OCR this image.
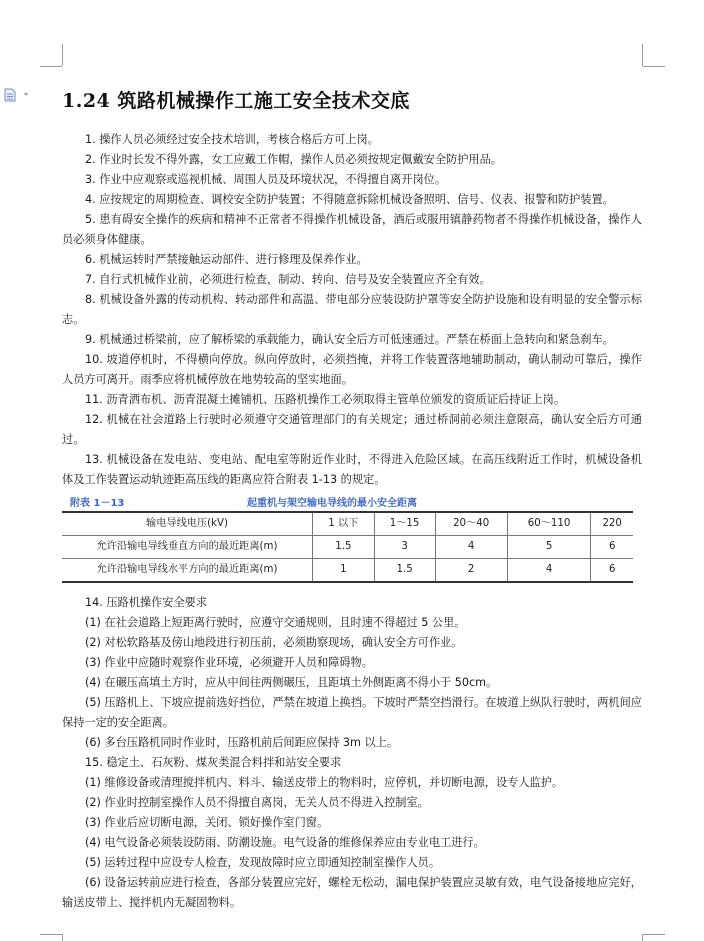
1.24 筑路机械操作工施工安全技术交底

1. 操作人员必须经过安全技术培训，考核合格后方可上岗。

2. 作业时长发不得外露，女工应戴工作帽，操作人员必须按规定佩戴安全防护用品。

3. 作业中应观察或巡视机械、周围人员及环境状况，不得擅自离开岗位。

4. 应按规定的周期检查、调校安全防护装置；不得随意拆除机械设备照明、信号、仪表、报警和防护装置。

5. 患有碍安全操作的疾病和精神不正常者不得操作机械设备，酒后或服用镇静药物者不得操作机械设备，操作人员必须身体健康。

6. 机械运转时严禁接触运动部件、进行修理及保养作业。

7. 自行式机械作业前，必须进行检查，制动、转向、信号及安全装置应齐全有效。

8. 机械设备外露的传动机构、转动部件和高温、带电部分应装设防护罩等安全防护设施和设有明显的安全警示标志。

9. 机械通过桥梁前，应了解桥梁的承载能力，确认安全后方可低速通过。严禁在桥面上急转向和紧急刹车。

10. 坡道停机时，不得横向停放。纵向停放时，必须挡掩，并将工作装置落地辅助制动，确认制动可靠后，操作人员方可离开。雨季应将机械停放在地势较高的坚实地面。

11. 沥青洒布机、沥青混凝土摊铺机、压路机操作工必须取得主管单位颁发的资质证后持证上岗。

12. 机械在社会道路上行驶时必须遵守交通管理部门的有关规定；通过桥洞前必须注意限高，确认安全后方可通过。

13. 机械设备在发电站、变电站、配电室等附近作业时，不得进入危险区域。在高压线附近工作时，机械设备机体及工作装置运动轨迹距高压线的距离应符合附表 1-13 的规定。

附表 1－13	起重机与架空输电导线的最小安全距离
输电导线电压(kV)	1 以下	1～15	20～40	60～110	220
允许沿输电导线垂直方向的最近距离(m)	1.5	3	4	5	6
允许沿输电导线水平方向的最近距离(m)	1	1.5	2	4	6

14. 压路机操作安全要求

(1) 在社会道路上短距离行驶时，应遵守交通规则，且时速不得超过 5 公里。

(2) 对松软路基及傍山地段进行初压前，必须勘察现场，确认安全方可作业。

(3) 作业中应随时观察作业环境，必须避开人员和障碍物。

(4) 在碾压高填土方时，应从中间往两侧碾压，且距填土外侧距离不得小于 50cm。

(5) 压路机上、下坡应提前选好挡位，严禁在坡道上换挡。下坡时严禁空挡滑行。在坡道上纵队行驶时，两机间应保持一定的安全距离。

(6) 多台压路机同时作业时，压路机前后间距应保持 3m 以上。

15. 稳定土、石灰粉、煤灰类混合料拌和站安全要求

(1) 维修设备或清理搅拌机内、料斗、输送皮带上的物料时，应停机，并切断电源，设专人监护。

(2) 作业时控制室操作人员不得擅自离岗，无关人员不得进入控制室。

(3) 作业后应切断电源，关闭、锁好操作室门窗。

(4) 电气设备必须装设防雨、防潮设施。电气设备的维修保养应由专业电工进行。

(5) 运转过程中应设专人检查，发现故障时应立即通知控制室操作人员。

(6) 设备运转前应进行检查，各部分装置应完好，螺栓无松动，漏电保护装置应灵敏有效，电气设备接地应完好，输送皮带上、搅拌机内无凝固物料。
